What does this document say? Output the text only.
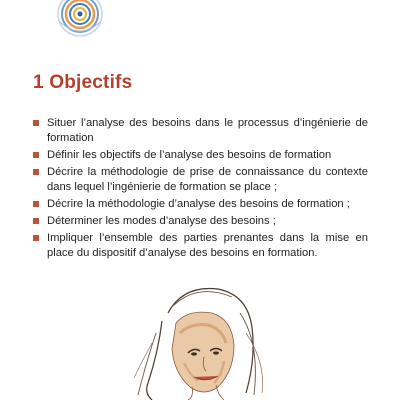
1 Objectifs
Situer l’analyse des besoins dans le processus d’ingénierie de formation
Définir les objectifs de l’analyse des besoins de formation
Décrire la méthodologie de prise de connaissance du contexte dans lequel l’ingénierie de formation se place ;
Décrire la méthodologie d’analyse des besoins de formation ;
Déterminer les modes d’analyse des besoins ;
Impliquer l’ensemble des parties prenantes dans la mise en place du dispositif d’analyse des besoins en formation.
